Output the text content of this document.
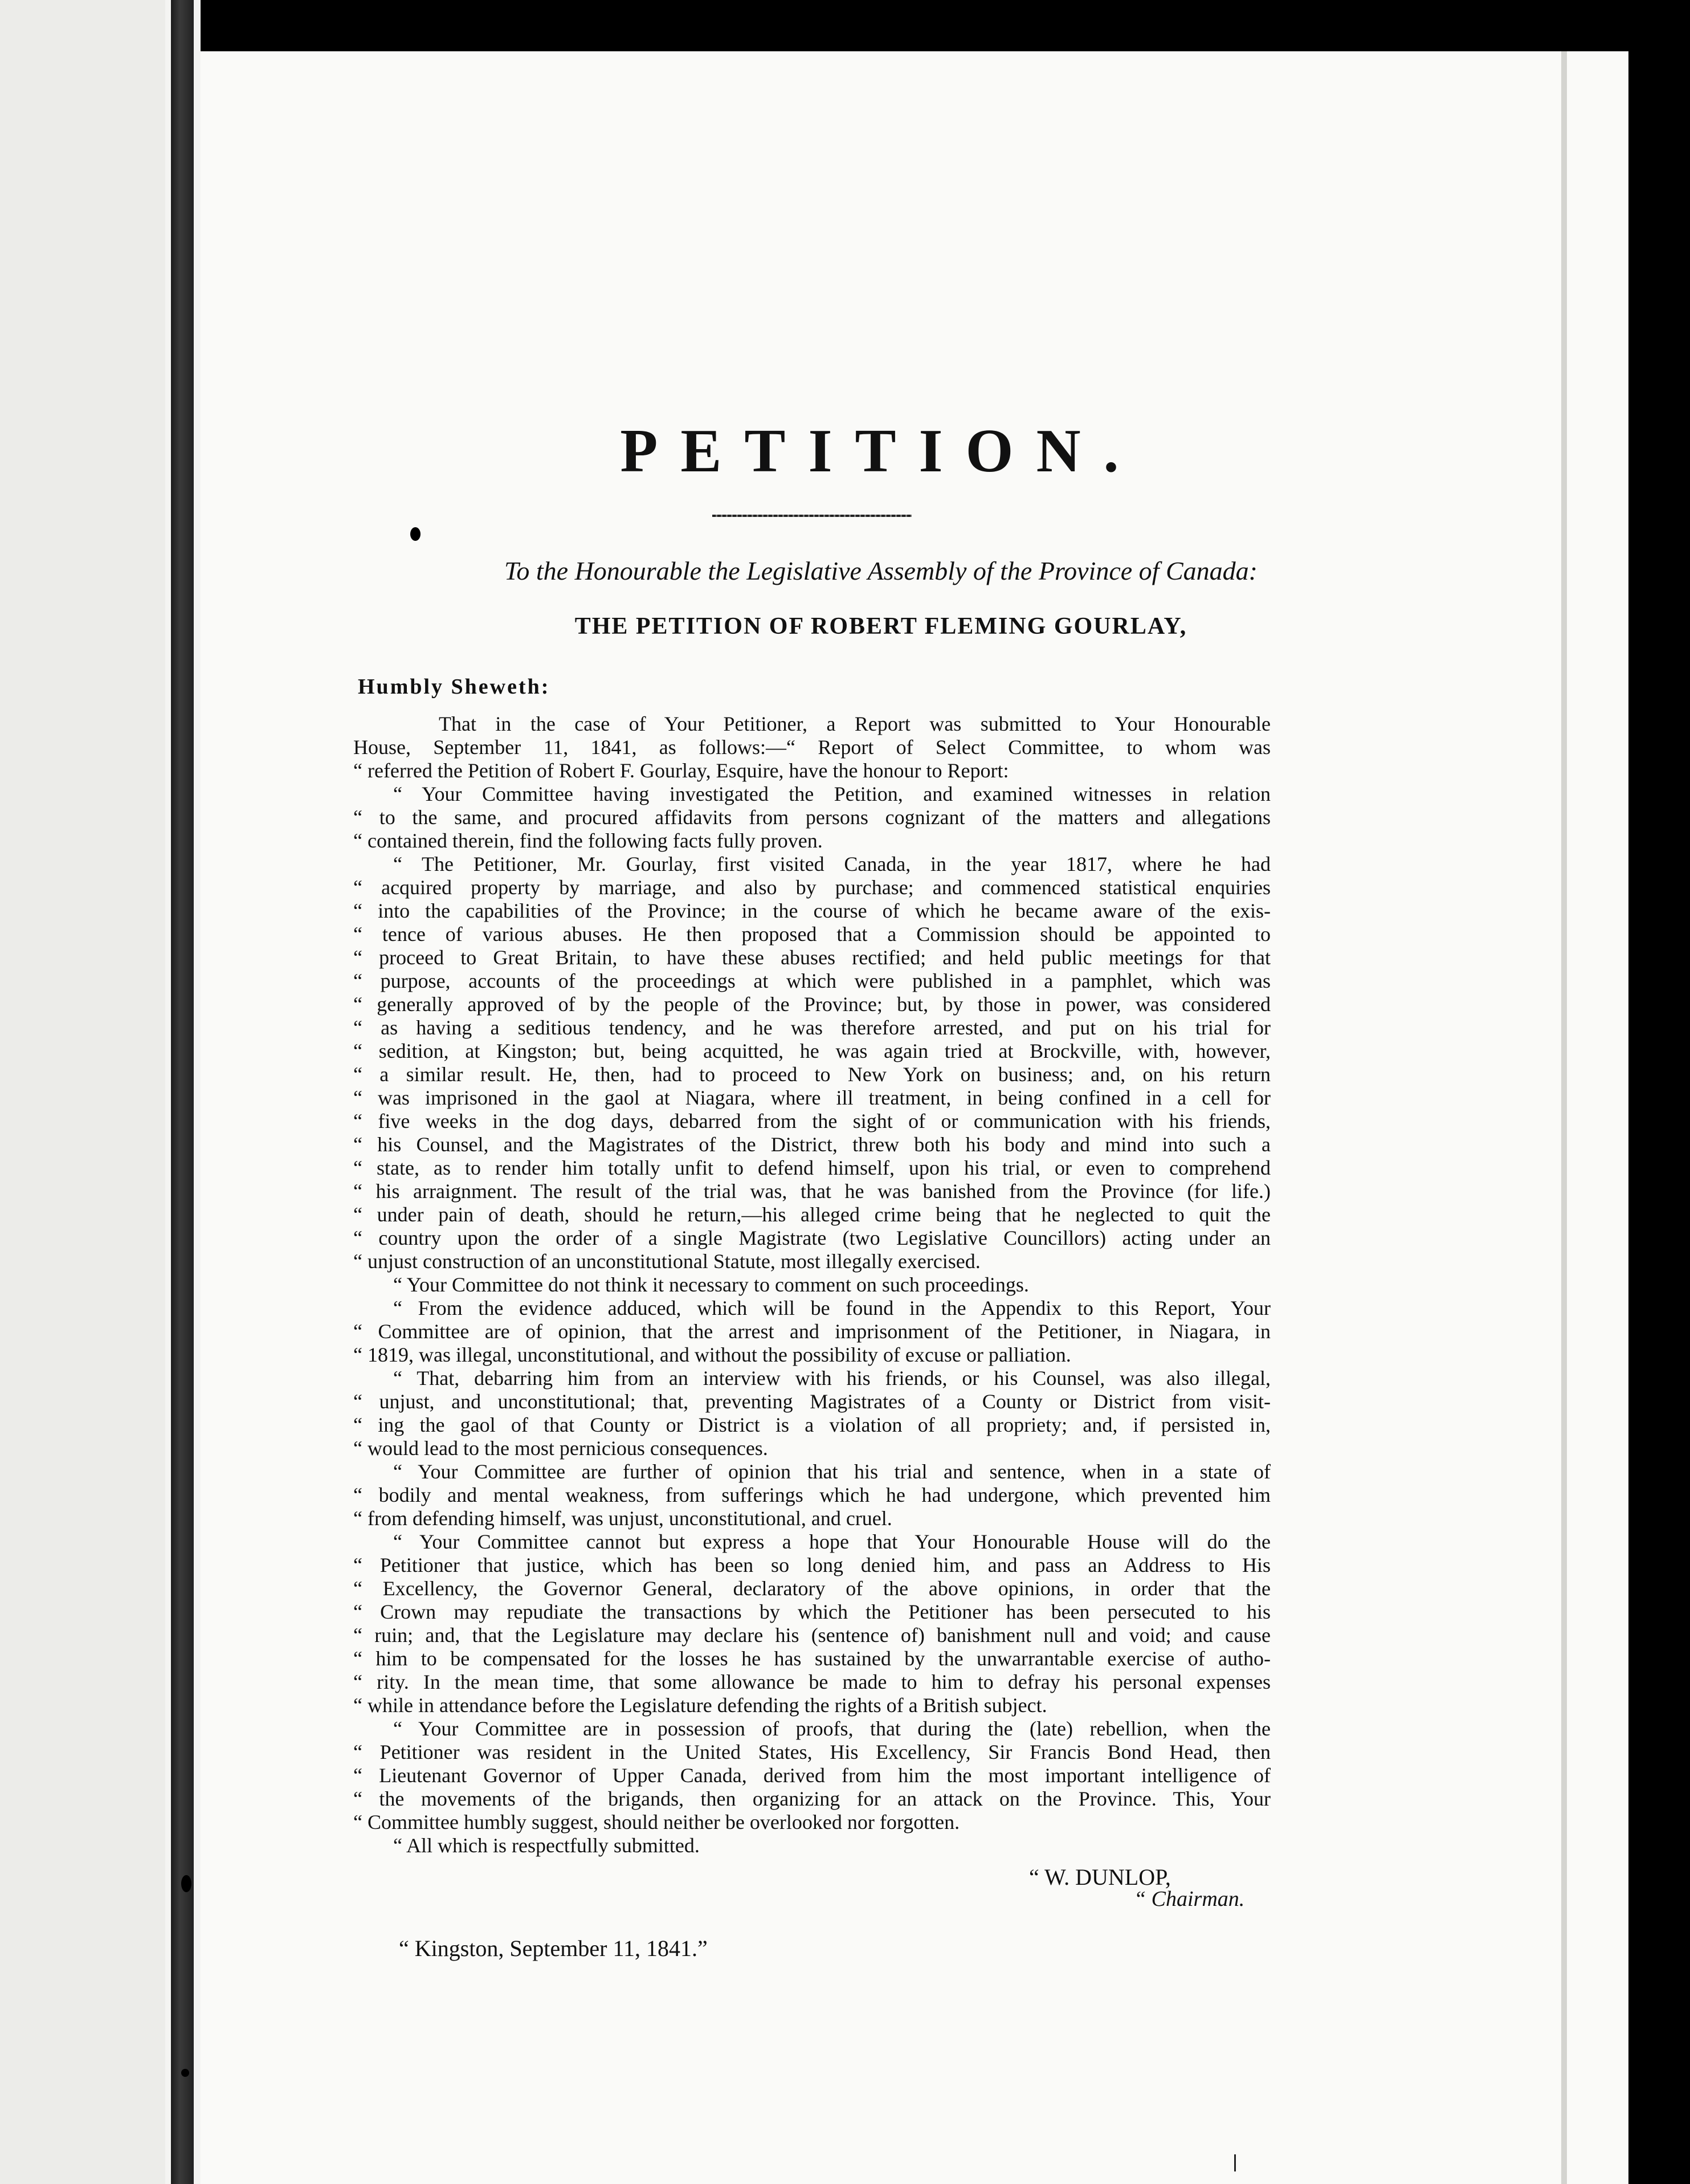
PETITION.

To the Honourable the Legislative Assembly of the Province of Canada:

THE PETITION OF ROBERT FLEMING GOURLAY,

Humbly Sheweth:

That in the case of Your Petitioner, a Report was submitted to Your Honourable
House, September 11, 1841, as follows:—“ Report of Select Committee, to whom was
“ referred the Petition of Robert F. Gourlay, Esquire, have the honour to Report:
“ Your Committee having investigated the Petition, and examined witnesses in relation
“ to the same, and procured affidavits from persons cognizant of the matters and allegations
“ contained therein, find the following facts fully proven.
“ The Petitioner, Mr. Gourlay, first visited Canada, in the year 1817, where he had
“ acquired property by marriage, and also by purchase; and commenced statistical enquiries
“ into the capabilities of the Province; in the course of which he became aware of the exis-
“ tence of various abuses. He then proposed that a Commission should be appointed to
“ proceed to Great Britain, to have these abuses rectified; and held public meetings for that
“ purpose, accounts of the proceedings at which were published in a pamphlet, which was
“ generally approved of by the people of the Province; but, by those in power, was considered
“ as having a seditious tendency, and he was therefore arrested, and put on his trial for
“ sedition, at Kingston; but, being acquitted, he was again tried at Brockville, with, however,
“ a similar result. He, then, had to proceed to New York on business; and, on his return
“ was imprisoned in the gaol at Niagara, where ill treatment, in being confined in a cell for
“ five weeks in the dog days, debarred from the sight of or communication with his friends,
“ his Counsel, and the Magistrates of the District, threw both his body and mind into such a
“ state, as to render him totally unfit to defend himself, upon his trial, or even to comprehend
“ his arraignment. The result of the trial was, that he was banished from the Province (for life.)
“ under pain of death, should he return,—his alleged crime being that he neglected to quit the
“ country upon the order of a single Magistrate (two Legislative Councillors) acting under an
“ unjust construction of an unconstitutional Statute, most illegally exercised.
“ Your Committee do not think it necessary to comment on such proceedings.
“ From the evidence adduced, which will be found in the Appendix to this Report, Your
“ Committee are of opinion, that the arrest and imprisonment of the Petitioner, in Niagara, in
“ 1819, was illegal, unconstitutional, and without the possibility of excuse or palliation.
“ That, debarring him from an interview with his friends, or his Counsel, was also illegal,
“ unjust, and unconstitutional; that, preventing Magistrates of a County or District from visit-
“ ing the gaol of that County or District is a violation of all propriety; and, if persisted in,
“ would lead to the most pernicious consequences.
“ Your Committee are further of opinion that his trial and sentence, when in a state of
“ bodily and mental weakness, from sufferings which he had undergone, which prevented him
“ from defending himself, was unjust, unconstitutional, and cruel.
“ Your Committee cannot but express a hope that Your Honourable House will do the
“ Petitioner that justice, which has been so long denied him, and pass an Address to His
“ Excellency, the Governor General, declaratory of the above opinions, in order that the
“ Crown may repudiate the transactions by which the Petitioner has been persecuted to his
“ ruin; and, that the Legislature may declare his (sentence of) banishment null and void; and cause
“ him to be compensated for the losses he has sustained by the unwarrantable exercise of autho-
“ rity. In the mean time, that some allowance be made to him to defray his personal expenses
“ while in attendance before the Legislature defending the rights of a British subject.
“ Your Committee are in possession of proofs, that during the (late) rebellion, when the
“ Petitioner was resident in the United States, His Excellency, Sir Francis Bond Head, then
“ Lieutenant Governor of Upper Canada, derived from him the most important intelligence of
“ the movements of the brigands, then organizing for an attack on the Province. This, Your
“ Committee humbly suggest, should neither be overlooked nor forgotten.
“ All which is respectfully submitted.

“ W. DUNLOP,

“ Chairman.

“ Kingston, September 11, 1841.”
